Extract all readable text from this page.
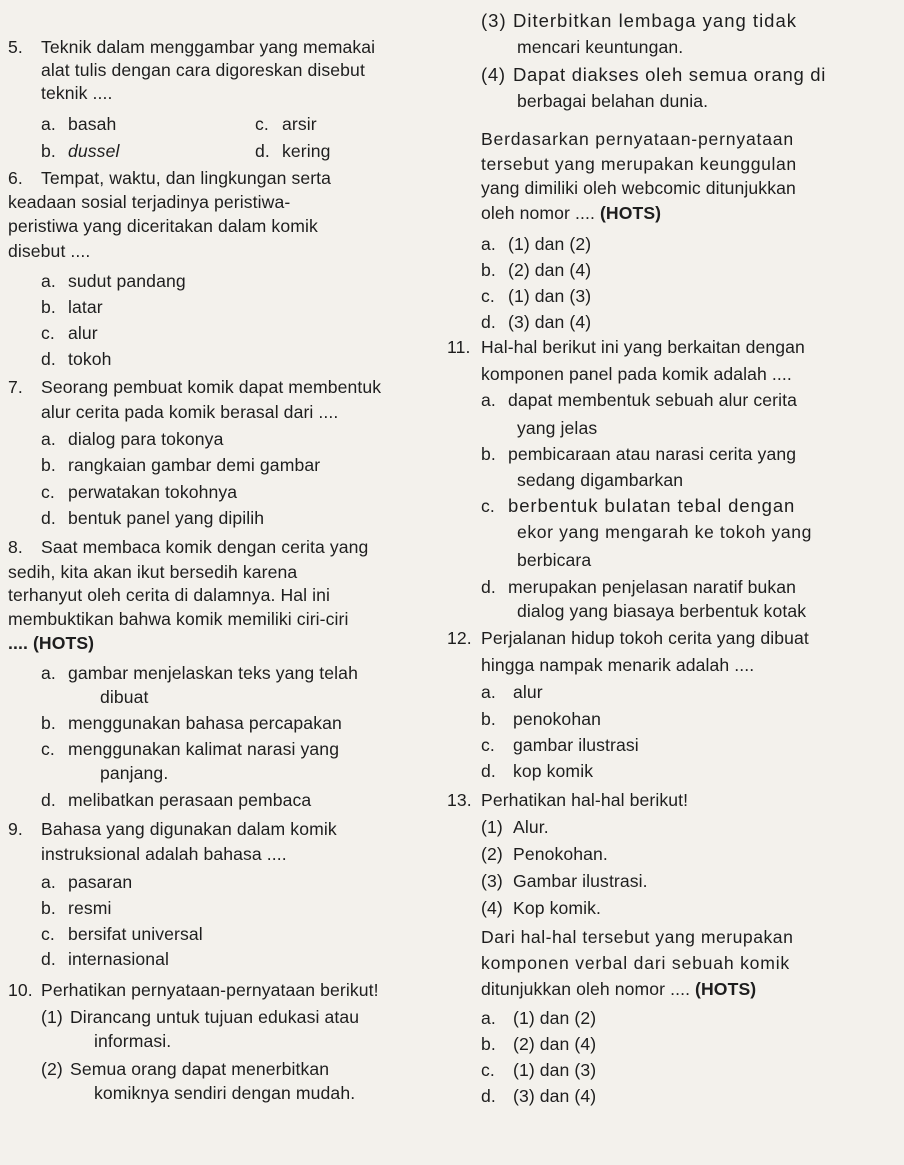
5. Teknik dalam menggambar yang memakai
alat tulis dengan cara digoreskan disebut
teknik ....
a. basah	c. arsir
b. dussel	d. kering
6. Tempat, waktu, dan lingkungan serta
keadaan sosial terjadinya peristiwa-
peristiwa yang diceritakan dalam komik
disebut ....
a. sudut pandang
b. latar
c. alur
d. tokoh
7. Seorang pembuat komik dapat membentuk
alur cerita pada komik berasal dari ....
a. dialog para tokonya
b. rangkaian gambar demi gambar
c. perwatakan tokohnya
d. bentuk panel yang dipilih
8. Saat membaca komik dengan cerita yang
sedih, kita akan ikut bersedih karena
terhanyut oleh cerita di dalamnya. Hal ini
membuktikan bahwa komik memiliki ciri-ciri
.... (HOTS)
a. gambar menjelaskan teks yang telah
dibuat
b. menggunakan bahasa percapakan
c. menggunakan kalimat narasi yang
panjang.
d. melibatkan perasaan pembaca
9. Bahasa yang digunakan dalam komik
instruksional adalah bahasa ....
a. pasaran
b. resmi
c. bersifat universal
d. internasional
10. Perhatikan pernyataan-pernyataan berikut!
(1) Dirancang untuk tujuan edukasi atau
informasi.
(2) Semua orang dapat menerbitkan
komiknya sendiri dengan mudah.
(3) Diterbitkan lembaga yang tidak
mencari keuntungan.
(4) Dapat diakses oleh semua orang di
berbagai belahan dunia.
Berdasarkan pernyataan-pernyataan
tersebut yang merupakan keunggulan
yang dimiliki oleh webcomic ditunjukkan
oleh nomor .... (HOTS)
a. (1) dan (2)
b. (2) dan (4)
c. (1) dan (3)
d. (3) dan (4)
11. Hal-hal berikut ini yang berkaitan dengan
komponen panel pada komik adalah ....
a. dapat membentuk sebuah alur cerita
yang jelas
b. pembicaraan atau narasi cerita yang
sedang digambarkan
c. berbentuk bulatan tebal dengan
ekor yang mengarah ke tokoh yang
berbicara
d. merupakan penjelasan naratif bukan
dialog yang biasaya berbentuk kotak
12. Perjalanan hidup tokoh cerita yang dibuat
hingga nampak menarik adalah ....
a. alur
b. penokohan
c. gambar ilustrasi
d. kop komik
13. Perhatikan hal-hal berikut!
(1) Alur.
(2) Penokohan.
(3) Gambar ilustrasi.
(4) Kop komik.
Dari hal-hal tersebut yang merupakan
komponen verbal dari sebuah komik
ditunjukkan oleh nomor .... (HOTS)
a. (1) dan (2)
b. (2) dan (4)
c. (1) dan (3)
d. (3) dan (4)
